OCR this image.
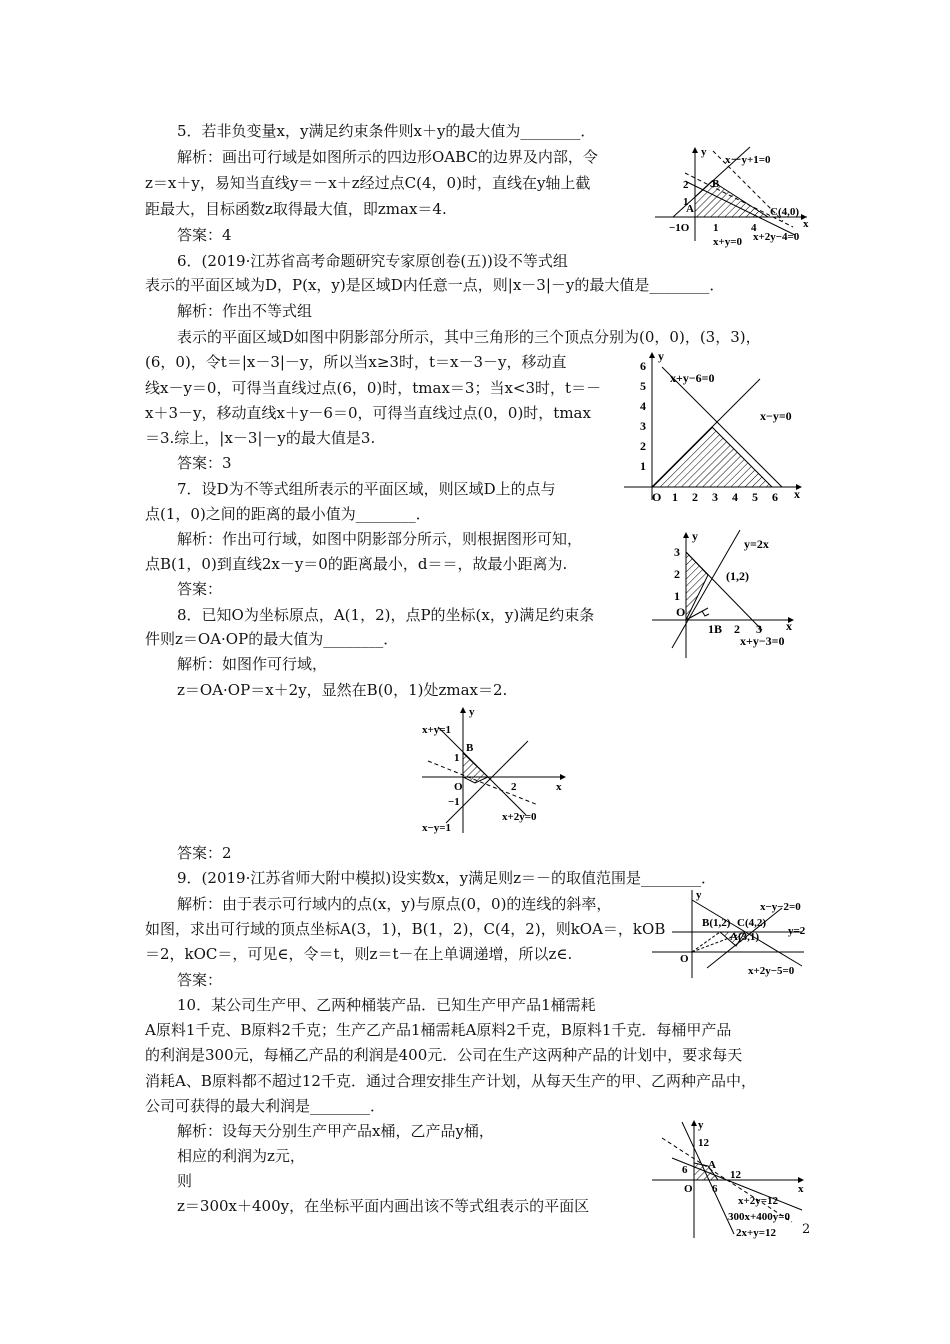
5．若非负变量x，y满足约束条件则x＋y的最大值为________．

解析：画出可行域是如图所示的四边形OABC的边界及内部，令

z＝x＋y，易知当直线y＝－x＋z经过点C(4，0)时，直线在y轴上截

距最大，目标函数z取得最大值，即zmax＝4.

答案：4

6．(2019·江苏省高考命题研究专家原创卷(五))设不等式组

表示的平面区域为D，P(x，y)是区域D内任意一点，则|x－3|－y的最大值是________．

解析：作出不等式组

表示的平面区域D如图中阴影部分所示，其中三角形的三个顶点分别为(0，0)，(3，3)，

(6，0)，令t＝|x－3|－y，所以当x≥3时，t＝x－3－y，移动直

线x－y＝0，可得当直线过点(6，0)时，tmax＝3；当x<3时，t＝－

x＋3－y，移动直线x＋y－6＝0，可得当直线过点(0，0)时，tmax

＝3.综上，|x－3|－y的最大值是3.

答案：3

7．设D为不等式组所表示的平面区域，则区域D上的点与

点(1，0)之间的距离的最小值为________．

解析：作出可行域，如图中阴影部分所示，则根据图形可知，

点B(1，0)到直线2x－y＝0的距离最小，d＝＝，故最小距离为.

答案：

8．已知O为坐标原点，A(1，2)，点P的坐标(x，y)满足约束条

件则z＝OA·OP的最大值为________．

解析：如图作可行域，

z＝OA·OP＝x＋2y，显然在B(0，1)处zmax＝2.

答案：2

9．(2019·江苏省师大附中模拟)设实数x，y满足则z＝－的取值范围是________．

解析：由于表示可行域内的点(x，y)与原点(0，0)的连线的斜率，

如图，求出可行域的顶点坐标A(3，1)，B(1，2)，C(4，2)，则kOA＝，kOB

＝2，kOC＝，可见∈，令＝t，则z＝t－在上单调递增，所以z∈.

答案：

10．某公司生产甲、乙两种桶装产品．已知生产甲产品1桶需耗

A原料1千克、B原料2千克；生产乙产品1桶需耗A原料2千克，B原料1千克．每桶甲产品

的利润是300元，每桶乙产品的利润是400元．公司在生产这两种产品的计划中，要求每天

消耗A、B原料都不超过12千克．通过合理安排生产计划，从每天生产的甲、乙两种产品中，

公司可获得的最大利润是________．

解析：设每天分别生产甲产品x桶，乙产品y桶，

相应的利润为z元，

则

z＝300x＋400y，在坐标平面内画出该不等式组表示的平面区

2
y
x－y+1=0
2
1
B
A	C(4,0)
−1O 1	4	x
x+2y−4=0
x+y=0
y
6
5
4
3
2
1
x+y−6=0
x−y=0
O 1 2 3 4 5 6 x
y
y=2x
3
2
1
O
(1,2)
1B 2 3 x
x+y−3=0
y
x+y=1
B
1
O	2	x
−1
x+2y=0
x−y=1
y
x−y−2=0
B(1,2) C(4,2)
y=2
A(3,1)
O
x+2y−5=0
y
12
6 A
O 6
12
x
x+2y=12
300x+400y=0
2x+y=12
